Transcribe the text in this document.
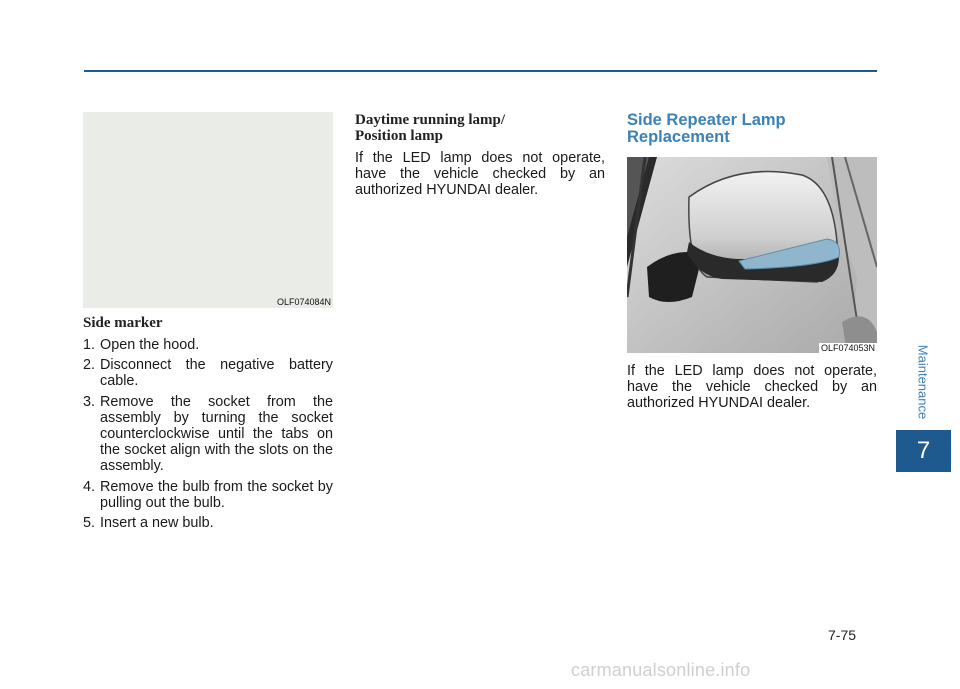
OLF074084N
Side marker
1. Open the hood.
2. Disconnect the negative battery cable.
3. Remove the socket from the assembly by turning the socket counterclockwise until the tabs on the socket align with the slots on the assembly.
4. Remove the bulb from the socket by pulling out the bulb.
5. Insert a new bulb.
Daytime running lamp/
Position lamp

If the LED lamp does not operate, have the vehicle checked by an authorized HYUNDAI dealer.

Side Repeater Lamp
Replacement
OLF074053N

If the LED lamp does not operate, have the vehicle checked by an authorized HYUNDAI dealer.	Maintenance
7
7-75
carmanualsonline.info
